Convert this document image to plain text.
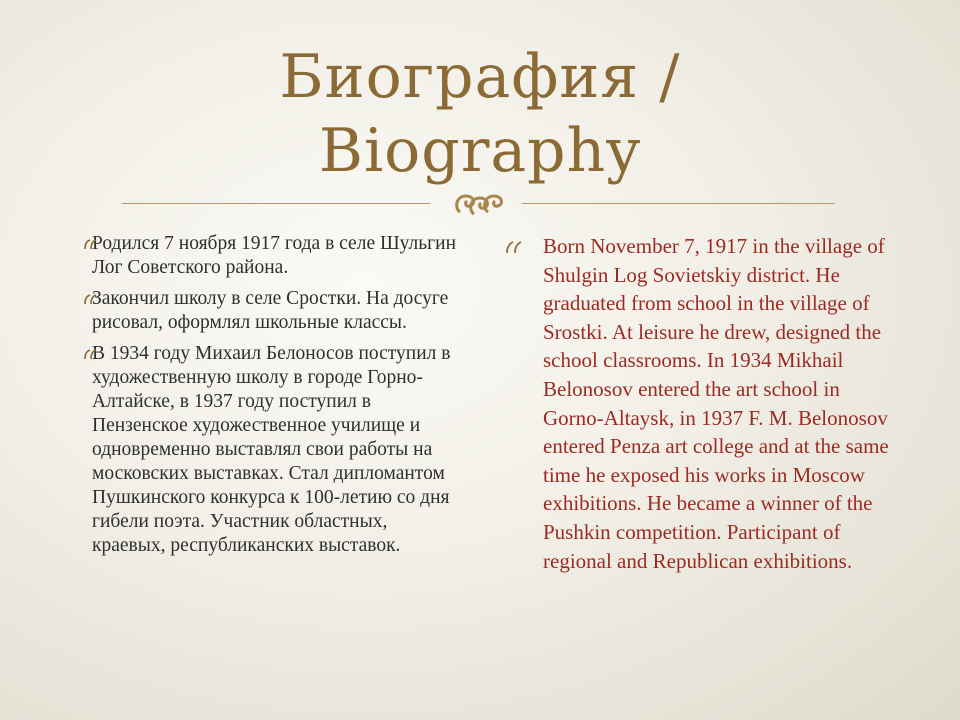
Биография /
Biography

Родился 7 ноября 1917 года в селе Шульгин Лог Советского района.

Закончил школу в селе Сростки. На досуге рисовал, оформлял школьные классы.

В 1934 году Михаил Белоносов поступил в художественную школу в городе Горно-Алтайске, в 1937 году поступил в Пензенское художественное училище и одновременно выставлял свои работы на московских выставках. Стал дипломантом Пушкинского конкурса к 100-летию со дня гибели поэта. Участник областных, краевых, республиканских выставок.

Born November 7, 1917 in the village of Shulgin Log Sovietskiy district. He graduated from school in the village of Srostki. At leisure he drew, designed the school classrooms. In 1934 Mikhail Belonosov entered the art school in Gorno-Altaysk, in 1937 F. M. Belonosov entered Penza art college and at the same time he exposed his works in Moscow exhibitions. He became a winner of the Pushkin competition. Participant of regional and Republican exhibitions.
